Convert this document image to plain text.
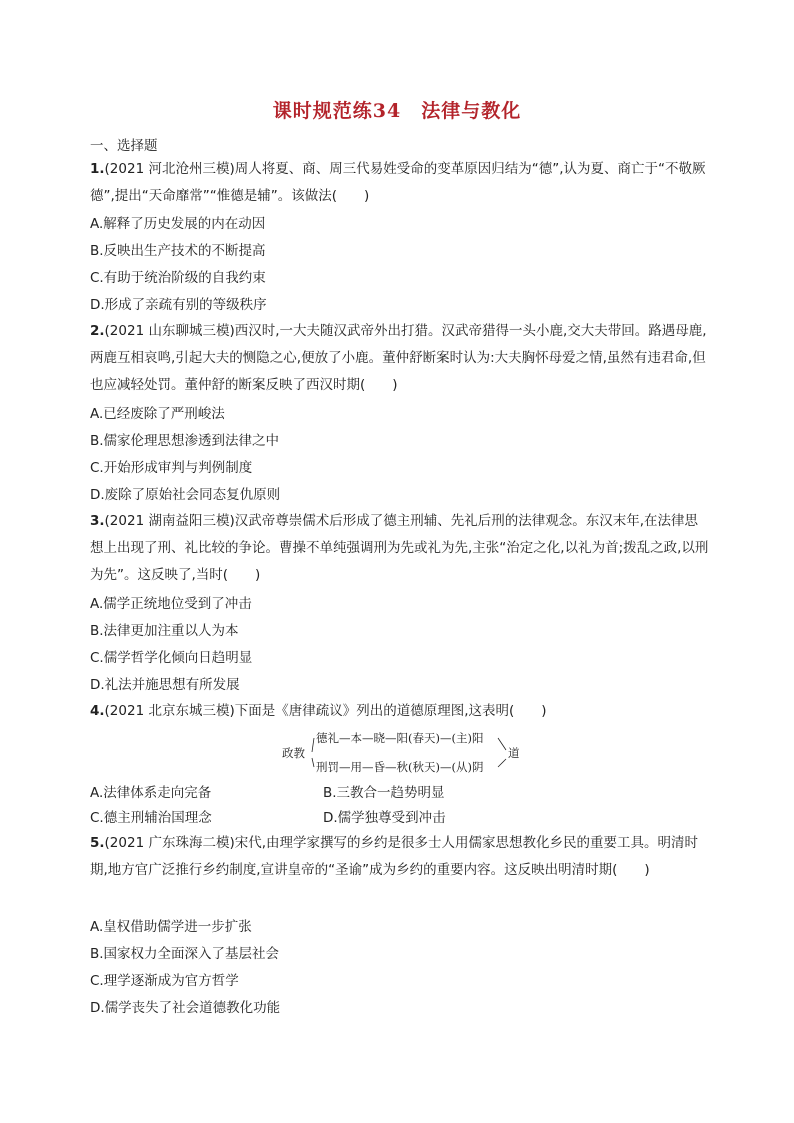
课时规范练34　法律与教化
一、选择题
1.(2021 河北沧州三模)周人将夏、商、周三代易姓受命的变革原因归结为“德”,认为夏、商亡于“不敬厥德”,提出“天命靡常”“惟德是辅”。该做法(　　)
A.解释了历史发展的内在动因
B.反映出生产技术的不断提高
C.有助于统治阶级的自我约束
D.形成了亲疏有别的等级秩序
2.(2021 山东聊城三模)西汉时,一大夫随汉武帝外出打猎。汉武帝猎得一头小鹿,交大夫带回。路遇母鹿,两鹿互相哀鸣,引起大夫的恻隐之心,便放了小鹿。董仲舒断案时认为:大夫胸怀母爱之情,虽然有违君命,但也应减轻处罚。董仲舒的断案反映了西汉时期(　　)
A.已经废除了严刑峻法
B.儒家伦理思想渗透到法律之中
C.开始形成审判与判例制度
D.废除了原始社会同态复仇原则
3.(2021 湖南益阳三模)汉武帝尊崇儒术后形成了德主刑辅、先礼后刑的法律观念。东汉末年,在法律思想上出现了刑、礼比较的争论。曹操不单纯强调刑为先或礼为先,主张“治定之化,以礼为首;拨乱之政,以刑为先”。这反映了,当时(　　)
A.儒学正统地位受到了冲击
B.法律更加注重以人为本
C.儒学哲学化倾向日趋明显
D.礼法并施思想有所发展
4.(2021 北京东城三模)下面是《唐律疏议》列出的道德原理图,这表明(　　)
政教
德礼—本—晓—阳(春天)—(主)阳
刑罚—用—昏—秋(秋天)—(从)阴
道
A.法律体系走向完备	B.三教合一趋势明显
C.德主刑辅治国理念	D.儒学独尊受到冲击
5.(2021 广东珠海二模)宋代,由理学家撰写的乡约是很多士人用儒家思想教化乡民的重要工具。明清时期,地方官广泛推行乡约制度,宣讲皇帝的“圣谕”成为乡约的重要内容。这反映出明清时期(　　)
A.皇权借助儒学进一步扩张
B.国家权力全面深入了基层社会
C.理学逐渐成为官方哲学
D.儒学丧失了社会道德教化功能
